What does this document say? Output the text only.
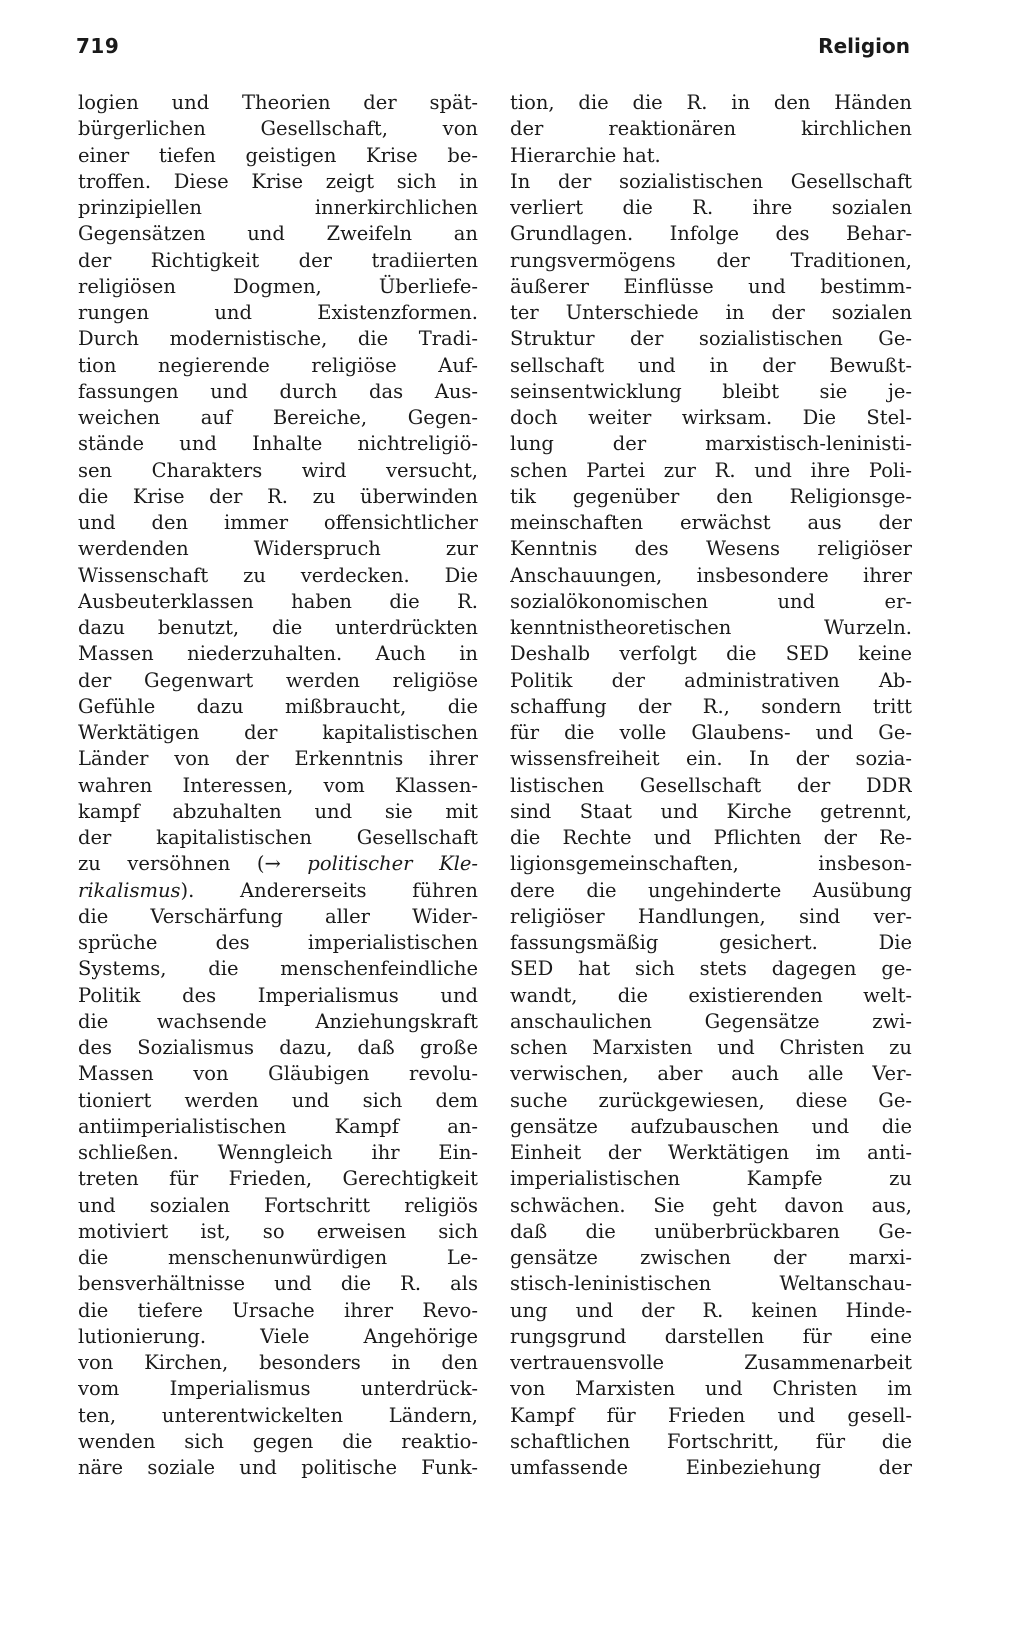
719	Religion
logien und Theorien der spät-
bürgerlichen Gesellschaft, von
einer tiefen geistigen Krise be-
troffen. Diese Krise zeigt sich in
prinzipiellen innerkirchlichen
Gegensätzen und Zweifeln an
der Richtigkeit der tradiierten
religiösen Dogmen, Überliefe-
rungen und Existenzformen.
Durch modernistische, die Tradi-
tion negierende religiöse Auf-
fassungen und durch das Aus-
weichen auf Bereiche, Gegen-
stände und Inhalte nichtreligiö-
sen Charakters wird versucht,
die Krise der R. zu überwinden
und den immer offensichtlicher
werdenden Widerspruch zur
Wissenschaft zu verdecken. Die
Ausbeuterklassen haben die R.
dazu benutzt, die unterdrückten
Massen niederzuhalten. Auch in
der Gegenwart werden religiöse
Gefühle dazu mißbraucht, die
Werktätigen der kapitalistischen
Länder von der Erkenntnis ihrer
wahren Interessen, vom Klassen-
kampf abzuhalten und sie mit
der kapitalistischen Gesellschaft
zu versöhnen (→ politischer Kle-
rikalismus). Andererseits führen
die Verschärfung aller Wider-
sprüche des imperialistischen
Systems, die menschenfeindliche
Politik des Imperialismus und
die wachsende Anziehungskraft
des Sozialismus dazu, daß große
Massen von Gläubigen revolu-
tioniert werden und sich dem
antiimperialistischen Kampf an-
schließen. Wenngleich ihr Ein-
treten für Frieden, Gerechtigkeit
und sozialen Fortschritt religiös
motiviert ist, so erweisen sich
die menschenunwürdigen Le-
bensverhältnisse und die R. als
die tiefere Ursache ihrer Revo-
lutionierung. Viele Angehörige
von Kirchen, besonders in den
vom Imperialismus unterdrück-
ten, unterentwickelten Ländern,
wenden sich gegen die reaktio-
näre soziale und politische Funk-
tion, die die R. in den Händen
der reaktionären kirchlichen
Hierarchie hat.
In der sozialistischen Gesellschaft
verliert die R. ihre sozialen
Grundlagen. Infolge des Behar-
rungsvermögens der Traditionen,
äußerer Einflüsse und bestimm-
ter Unterschiede in der sozialen
Struktur der sozialistischen Ge-
sellschaft und in der Bewußt-
seinsentwicklung bleibt sie je-
doch weiter wirksam. Die Stel-
lung der marxistisch-leninisti-
schen Partei zur R. und ihre Poli-
tik gegenüber den Religionsge-
meinschaften erwächst aus der
Kenntnis des Wesens religiöser
Anschauungen, insbesondere ihrer
sozialökonomischen und er-
kenntnistheoretischen Wurzeln.
Deshalb verfolgt die SED keine
Politik der administrativen Ab-
schaffung der R., sondern tritt
für die volle Glaubens- und Ge-
wissensfreiheit ein. In der sozia-
listischen Gesellschaft der DDR
sind Staat und Kirche getrennt,
die Rechte und Pflichten der Re-
ligionsgemeinschaften, insbeson-
dere die ungehinderte Ausübung
religiöser Handlungen, sind ver-
fassungsmäßig gesichert. Die
SED hat sich stets dagegen ge-
wandt, die existierenden welt-
anschaulichen Gegensätze zwi-
schen Marxisten und Christen zu
verwischen, aber auch alle Ver-
suche zurückgewiesen, diese Ge-
gensätze aufzubauschen und die
Einheit der Werktätigen im anti-
imperialistischen Kampfe zu
schwächen. Sie geht davon aus,
daß die unüberbrückbaren Ge-
gensätze zwischen der marxi-
stisch-leninistischen Weltanschau-
ung und der R. keinen Hinde-
rungsgrund darstellen für eine
vertrauensvolle Zusammenarbeit
von Marxisten und Christen im
Kampf für Frieden und gesell-
schaftlichen Fortschritt, für die
umfassende Einbeziehung der
